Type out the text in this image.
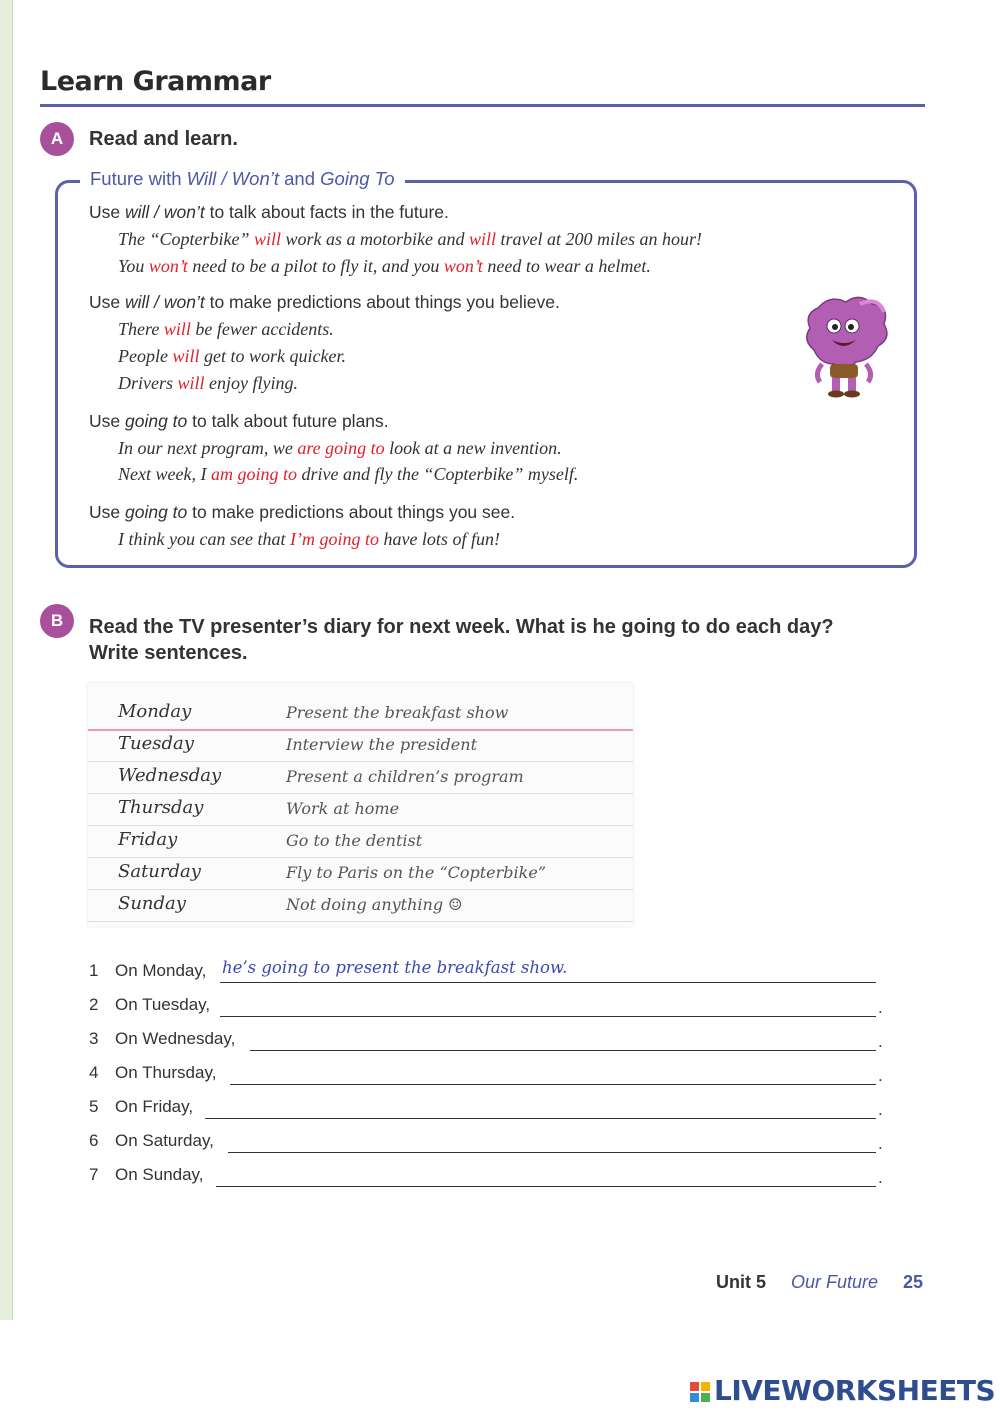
Learn Grammar
A	Read and learn.
Future with Will / Won’t and Going To
Use will / won’t to talk about facts in the future.
The “Copterbike” will work as a motorbike and will travel at 200 miles an hour!
You won’t need to be a pilot to fly it, and you won’t need to wear a helmet.
Use will / won’t to make predictions about things you believe.
There will be fewer accidents.
People will get to work quicker.
Drivers will enjoy flying.
Use going to to talk about future plans.
In our next program, we are going to look at a new invention.
Next week, I am going to drive and fly the “Copterbike” myself.
Use going to to make predictions about things you see.
I think you can see that I’m going to have lots of fun!
B	Read the TV presenter’s diary for next week. What is he going to do each day?
Write sentences.
Monday	Present the breakfast show
Tuesday	Interview the president
Wednesday	Present a children’s program
Thursday	Work at home
Friday	Go to the dentist
Saturday	Fly to Paris on the “Copterbike”
Sunday	Not doing anything ☺
1 On Monday, he’s going to present the breakfast show.
2 On Tuesday,	.
3 On Wednesday,	.
4 On Thursday,	.
5 On Friday,	.
6 On Saturday,	.
7 On Sunday,	.
Unit 5 Our Future 25
LIVEWORKSHEETS
